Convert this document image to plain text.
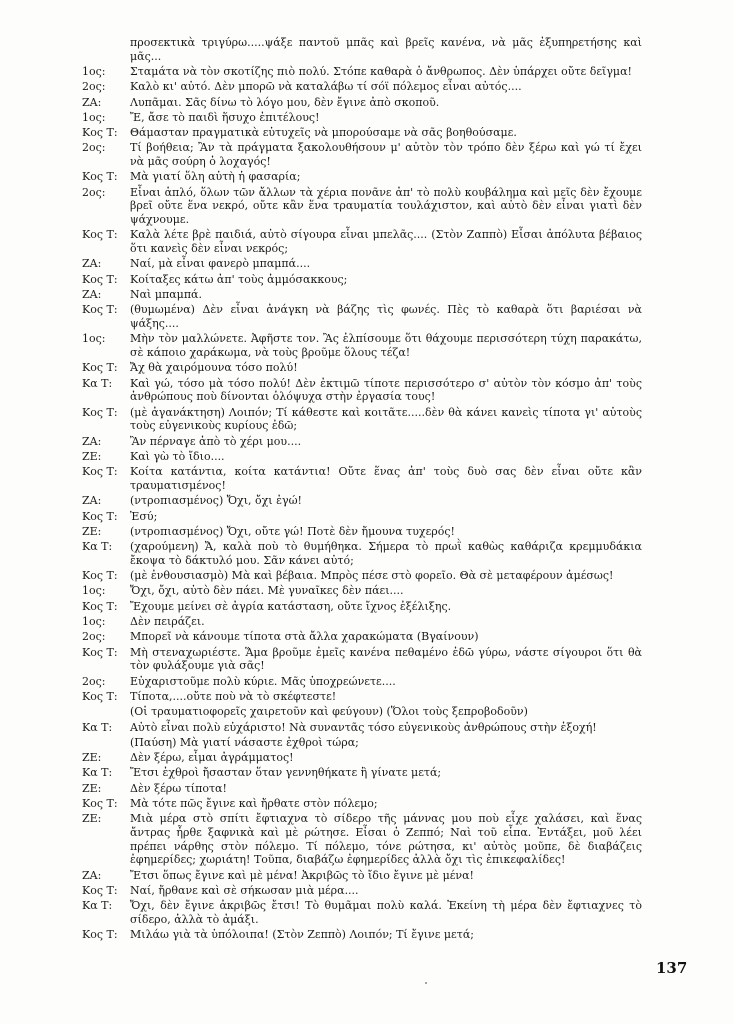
προσεκτικὰ τριγύρω.....ψάξε παντοῦ μπᾶς καὶ βρεῖς κανένα, νὰ μᾶς ἐξυπηρετήσης καὶ μᾶς...
1ος:	Σταμάτα νὰ τὸν σκοτίζης πιὸ πολύ. Στόπε καθαρὰ ὁ ἄνθρωπος. Δὲν ὑπάρχει οὔτε δεῖγμα!
2ος:	Καλὸ κι' αὐτό. Δὲν μπορῶ νὰ καταλάβω τί σόϊ πόλεμος εἶναι αὐτός....
ZA:	Λυπᾶμαι. Σᾶς δίνω τὸ λόγο μου, δὲν ἔγινε ἀπὸ σκοποῦ.
1ος:	Ἔ, ἄσε τὸ παιδὶ ἥσυχο ἐπιτέλους!
Κος Τ:	Θάμασταν πραγματικὰ εὐτυχεῖς νὰ μπορούσαμε νὰ σᾶς βοηθούσαμε.
2ος:	Τί βοήθεια; Ἂν τὰ πράγματα ξακολουθήσουν μ' αὐτὸν τὸν τρόπο δὲν ξέρω καὶ γώ τί ἔχει νὰ μᾶς σούρη ὁ λοχαγός!
Κος Τ:	Μὰ γιατί ὅλη αὐτὴ ἡ φασαρία;
2ος:	Εἶναι ἁπλό, ὅλων τῶν ἄλλων τὰ χέρια πονᾶνε ἀπ' τὸ πολὺ κουβάλημα καὶ μεῖς δὲν ἔχουμε βρεῖ οὔτε ἕνα νεκρό, οὔτε κἂν ἕνα τραυματία τουλάχιστον, καὶ αὐτὸ δὲν εἶναι γιατὶ δὲν ψάχνουμε.
Κος Τ:	Καλὰ λέτε βρὲ παιδιά, αὐτὸ σίγουρα εἶναι μπελᾶς.... (Στὸν Ζαππὸ) Εἶσαι ἀπόλυτα βέβαιος ὅτι κανεὶς δὲν εἶναι νεκρός;
ZA:	Ναί, μὰ εἶναι φανερὸ μπαμπά....
Κος Τ:	Κοίταξες κάτω ἀπ' τοὺς ἀμμόσακκους;
ZA:	Ναὶ μπαμπά.
Κος Τ:	(θυμωμένα) Δὲν εἶναι ἀνάγκη νὰ βάζης τὶς φωνές. Πὲς τὸ καθαρὰ ὅτι βαριέσαι νὰ ψάξης....
1ος:	Μὴν τὸν μαλλώνετε. Ἀφῆστε τον. Ἂς ἐλπίσουμε ὅτι θάχουμε περισσότερη τύχη παρακάτω, σὲ κάποιο χαράκωμα, νὰ τοὺς βροῦμε ὅλους τέζα!
Κος Τ:	Ἄχ θὰ χαιρόμουνα τόσο πολύ!
Κα Τ:	Καὶ γώ, τόσο μὰ τόσο πολύ! Δὲν ἐκτιμῶ τίποτε περισσότερο σ' αὐτὸν τὸν κόσμο ἀπ' τοὺς ἀνθρώπους ποὺ δίνονται ὁλόψυχα στὴν ἐργασία τους!
Κος Τ:	(μὲ ἀγανάκτηση) Λοιπόν; Τί κάθεστε καὶ κοιτᾶτε.....δὲν θὰ κάνει κανεὶς τίποτα γι' αὐτοὺς τοὺς εὐγενικοὺς κυρίους ἐδῶ;
ZA:	Ἂν πέρναγε ἀπὸ τὸ χέρι μου....
ZE:	Καὶ γὼ τὸ ἴδιο....
Κος Τ:	Κοίτα κατάντια, κοίτα κατάντια! Οὔτε ἕνας ἀπ' τοὺς δυὸ σας δὲν εἶναι οὔτε κἂν τραυματισμένος!
ZA:	(ντροπιασμένος) Ὄχι, ὄχι ἐγώ!
Κος Τ:	Ἐσύ;
ZE:	(ντροπιασμένος) Ὄχι, οὔτε γώ! Ποτὲ δὲν ἤμουνα τυχερός!
Κα Τ:	(χαρούμενη) Ἄ, καλὰ ποὺ τὸ θυμήθηκα. Σήμερα τὸ πρωῒ καθὼς καθάριζα κρεμμυδάκια ἔκοψα τὸ δάκτυλό μου. Σᾶν κάνει αὐτό;
Κος Τ:	(μὲ ἐνθουσιασμὸ) Μὰ καὶ βέβαια. Μπρὸς πέσε στὸ φορεῖο. Θὰ σὲ μεταφέρουν ἀμέσως!
1ος:	Ὄχι, ὄχι, αὐτὸ δὲν πάει. Μὲ γυναῖκες δὲν πάει....
Κος Τ:	Ἔχουμε μείνει σὲ ἀγρία κατάσταση, οὔτε ἴχνος ἐξέλιξης.
1ος:	Δὲν πειράζει.
2ος:	Μπορεῖ νὰ κάνουμε τίποτα στὰ ἄλλα χαρακώματα (Βγαίνουν)
Κος Τ:	Μὴ στεναχωριέστε. Ἅμα βροῦμε ἐμεῖς κανένα πεθαμένο ἐδῶ γύρω, νάστε σίγουροι ὅτι θὰ τὸν φυλάξουμε γιὰ σᾶς!
2ος:	Εὐχαριστοῦμε πολὺ κύριε. Μᾶς ὑποχρεώνετε....
Κος Τ:	Τίποτα,....οὔτε ποὺ νὰ τὸ σκέφτεστε!
(Οἱ τραυματιοφορεῖς χαιρετοῦν καὶ φεύγουν) (Ὅλοι τοὺς ξεπροβοδοῦν)
Κα Τ:	Αὐτὸ εἶναι πολὺ εὐχάριστο! Νὰ συναντᾶς τόσο εὐγενικοὺς ἀνθρώπους στὴν ἐξοχή!
(Παύση) Μὰ γιατί νάσαστε ἐχθροὶ τώρα;
ZE:	Δὲν ξέρω, εἶμαι ἀγράμματος!
Κα Τ:	Ἔτσι ἐχθροὶ ἤσασταν ὅταν γεννηθήκατε ἢ γίνατε μετά;
ZE:	Δὲν ξέρω τίποτα!
Κος Τ:	Μὰ τότε πῶς ἔγινε καὶ ἤρθατε στὸν πόλεμο;
ZE:	Μιὰ μέρα στὸ σπίτι ἔφτιαχνα τὸ σίδερο τῆς μάννας μου ποὺ εἶχε χαλάσει, καὶ ἕνας ἄντρας ἦρθε ξαφνικὰ καὶ μὲ ρώτησε. Εἶσαι ὁ Ζεππό; Ναὶ τοῦ εἶπα. Ἐντάξει, μοῦ λέει πρέπει νάρθης στὸν πόλεμο. Τί πόλεμο, τόνε ρώτησα, κι' αὐτὸς μοῦπε, δὲ διαβάζεις ἐφημερίδες; χωριάτη! Τοῦπα, διαβάζω ἐφημερίδες ἀλλὰ ὄχι τὶς ἐπικεφαλίδες!
ZA:	Ἔτσι ὅπως ἔγινε καὶ μὲ μένα! Ἀκριβῶς τὸ ἴδιο ἔγινε μὲ μένα!
Κος Τ:	Ναί, ἤρθανε καὶ σὲ σήκωσαν μιὰ μέρα....
Κα Τ:	Ὄχι, δὲν ἔγινε ἀκριβῶς ἔτσι! Τὸ θυμᾶμαι πολὺ καλά. Ἐκείνη τὴ μέρα δὲν ἔφτιαχνες τὸ σίδερο, ἀλλὰ τὸ ἀμάξι.
Κος Τ:	Μιλάω γιὰ τὰ ὑπόλοιπα! (Στὸν Ζεππὸ) Λοιπόν; Τί ἔγινε μετά;
137
